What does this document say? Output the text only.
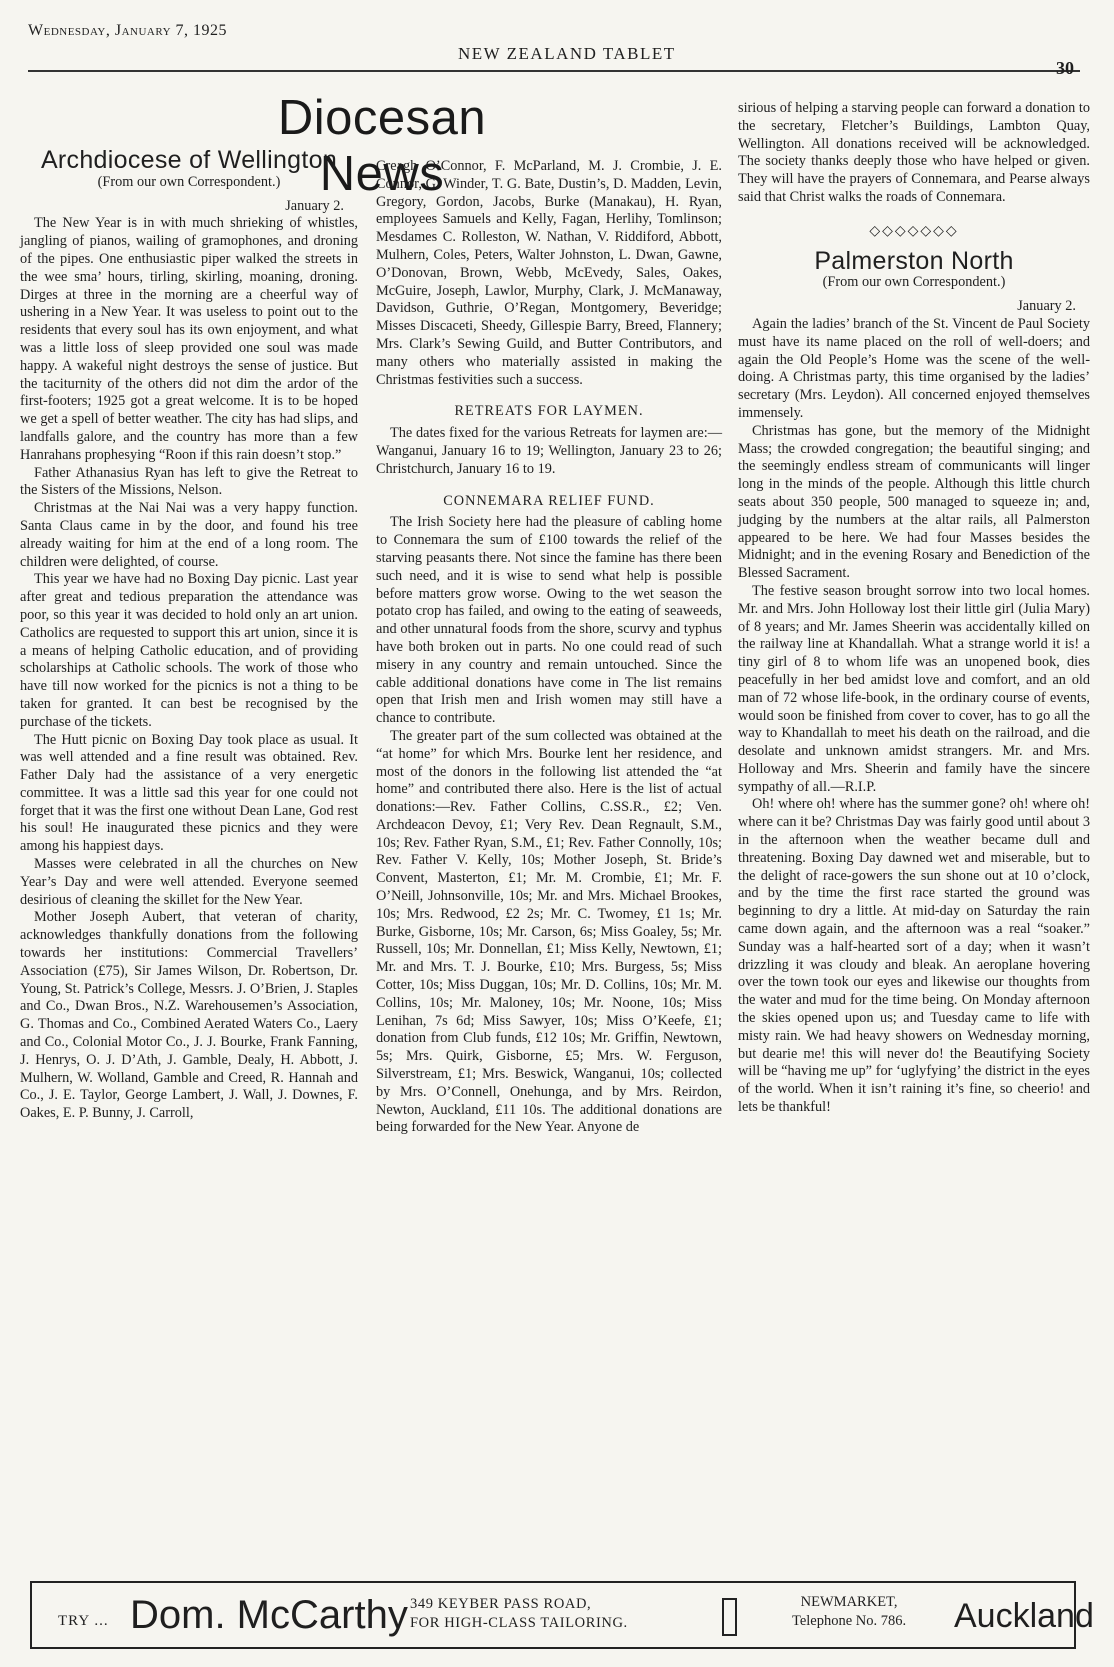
Wednesday, January 7, 1925
NEW ZEALAND TABLET
30
Diocesan News
Archdiocese of Wellington
(From our own Correspondent.)
January 2.

The New Year is in with much shrieking of whistles, jangling of pianos, wailing of gramophones, and droning of the pipes. One enthusiastic piper walked the streets in the wee sma’ hours, tirling, skirling, moaning, droning. Dirges at three in the morning are a cheerful way of ushering in a New Year. It was useless to point out to the residents that every soul has its own enjoyment, and what was a little loss of sleep provided one soul was made happy. A wakeful night destroys the sense of justice. But the taciturnity of the others did not dim the ardor of the first-footers; 1925 got a great welcome. It is to be hoped we get a spell of better weather. The city has had slips, and landfalls galore, and the country has more than a few Hanrahans prophesying “Roon if this rain doesn’t stop.”

Father Athanasius Ryan has left to give the Retreat to the Sisters of the Missions, Nelson.

Christmas at the Nai Nai was a very happy function. Santa Claus came in by the door, and found his tree already waiting for him at the end of a long room. The children were delighted, of course.

This year we have had no Boxing Day picnic. Last year after great and tedious preparation the attendance was poor, so this year it was decided to hold only an art union. Catholics are requested to support this art union, since it is a means of helping Catholic education, and of providing scholarships at Catholic schools. The work of those who have till now worked for the picnics is not a thing to be taken for granted. It can best be recognised by the purchase of the tickets.

The Hutt picnic on Boxing Day took place as usual. It was well attended and a fine result was obtained. Rev. Father Daly had the assistance of a very energetic committee. It was a little sad this year for one could not forget that it was the first one without Dean Lane, God rest his soul! He inaugurated these picnics and they were among his happiest days.

Masses were celebrated in all the churches on New Year’s Day and were well attended. Everyone seemed desirious of cleaning the skillet for the New Year.

Mother Joseph Aubert, that veteran of charity, acknowledges thankfully donations from the following towards her institutions: Commercial Travellers’ Association (£75), Sir James Wilson, Dr. Robertson, Dr. Young, St. Patrick’s College, Messrs. J. O’Brien, J. Staples and Co., Dwan Bros., N.Z. Warehousemen’s Association, G. Thomas and Co., Combined Aerated Waters Co., Laery and Co., Colonial Motor Co., J. J. Bourke, Frank Fanning, J. Henrys, O. J. D’Ath, J. Gamble, Dealy, H. Abbott, J. Mulhern, W. Wolland, Gamble and Creed, R. Hannah and Co., J. E. Taylor, George Lambert, J. Wall, J. Downes, F. Oakes, E. P. Bunny, J. Carroll,

Creagh O’Connor, F. McParland, M. J. Crombie, J. E. Connor, G. Winder, T. G. Bate, Dustin’s, D. Madden, Levin, Gregory, Gordon, Jacobs, Burke (Manakau), H. Ryan, employees Samuels and Kelly, Fagan, Herlihy, Tomlinson; Mesdames C. Rolleston, W. Nathan, V. Riddiford, Abbott, Mulhern, Coles, Peters, Walter Johnston, L. Dwan, Gawne, O’Donovan, Brown, Webb, McEvedy, Sales, Oakes, McGuire, Joseph, Lawlor, Murphy, Clark, J. McManaway, Davidson, Guthrie, O’Regan, Montgomery, Beveridge; Misses Discaceti, Sheedy, Gillespie Barry, Breed, Flannery; Mrs. Clark’s Sewing Guild, and Butter Contributors, and many others who materially assisted in making the Christmas festivities such a success.

RETREATS FOR LAYMEN.

The dates fixed for the various Retreats for laymen are:—Wanganui, January 16 to 19; Wellington, January 23 to 26; Christchurch, January 16 to 19.

CONNEMARA RELIEF FUND.

The Irish Society here had the pleasure of cabling home to Connemara the sum of £100 towards the relief of the starving peasants there. Not since the famine has there been such need, and it is wise to send what help is possible before matters grow worse. Owing to the wet season the potato crop has failed, and owing to the eating of seaweeds, and other unnatural foods from the shore, scurvy and typhus have both broken out in parts. No one could read of such misery in any country and remain untouched. Since the cable additional donations have come in The list remains open that Irish men and Irish women may still have a chance to contribute.

The greater part of the sum collected was obtained at the “at home” for which Mrs. Bourke lent her residence, and most of the donors in the following list attended the “at home” and contributed there also. Here is the list of actual donations:—Rev. Father Collins, C.SS.R., £2; Ven. Archdeacon Devoy, £1; Very Rev. Dean Regnault, S.M., 10s; Rev. Father Ryan, S.M., £1; Rev. Father Connolly, 10s; Rev. Father V. Kelly, 10s; Mother Joseph, St. Bride’s Convent, Masterton, £1; Mr. M. Crombie, £1; Mr. F. O’Neill, Johnsonville, 10s; Mr. and Mrs. Michael Brookes, 10s; Mrs. Redwood, £2 2s; Mr. C. Twomey, £1 1s; Mr. Burke, Gisborne, 10s; Mr. Carson, 6s; Miss Goaley, 5s; Mr. Russell, 10s; Mr. Donnellan, £1; Miss Kelly, Newtown, £1; Mr. and Mrs. T. J. Bourke, £10; Mrs. Burgess, 5s; Miss Cotter, 10s; Miss Duggan, 10s; Mr. D. Collins, 10s; Mr. M. Collins, 10s; Mr. Maloney, 10s; Mr. Noone, 10s; Miss Lenihan, 7s 6d; Miss Sawyer, 10s; Miss O’Keefe, £1; donation from Club funds, £12 10s; Mr. Griffin, Newtown, 5s; Mrs. Quirk, Gisborne, £5; Mrs. W. Ferguson, Silverstream, £1; Mrs. Beswick, Wanganui, 10s; collected by Mrs. O’Connell, Onehunga, and by Mrs. Reirdon, Newton, Auckland, £11 10s. The additional donations are being forwarded for the New Year. Anyone de

sirious of helping a starving people can forward a donation to the secretary, Fletcher’s Buildings, Lambton Quay, Wellington. All donations received will be acknowledged. The society thanks deeply those who have helped or given. They will have the prayers of Connemara, and Pearse always said that Christ walks the roads of Connemara.

◇◇◇◇◇◇◇
Palmerston North
(From our own Correspondent.)
January 2.

Again the ladies’ branch of the St. Vincent de Paul Society must have its name placed on the roll of well-doers; and again the Old People’s Home was the scene of the well-doing. A Christmas party, this time organised by the ladies’ secretary (Mrs. Leydon). All concerned enjoyed themselves immensely.

Christmas has gone, but the memory of the Midnight Mass; the crowded congregation; the beautiful singing; and the seemingly endless stream of communicants will linger long in the minds of the people. Although this little church seats about 350 people, 500 managed to squeeze in; and, judging by the numbers at the altar rails, all Palmerston appeared to be here. We had four Masses besides the Midnight; and in the evening Rosary and Benediction of the Blessed Sacrament.

The festive season brought sorrow into two local homes. Mr. and Mrs. John Holloway lost their little girl (Julia Mary) of 8 years; and Mr. James Sheerin was accidentally killed on the railway line at Khandallah. What a strange world it is! a tiny girl of 8 to whom life was an unopened book, dies peacefully in her bed amidst love and comfort, and an old man of 72 whose life-book, in the ordinary course of events, would soon be finished from cover to cover, has to go all the way to Khandallah to meet his death on the railroad, and die desolate and unknown amidst strangers. Mr. and Mrs. Holloway and Mrs. Sheerin and family have the sincere sympathy of all.—R.I.P.

Oh! where oh! where has the summer gone? oh! where oh! where can it be? Christmas Day was fairly good until about 3 in the afternoon when the weather became dull and threatening. Boxing Day dawned wet and miserable, but to the delight of race-gowers the sun shone out at 10 o’clock, and by the time the first race started the ground was beginning to dry a little. At mid-day on Saturday the rain came down again, and the afternoon was a real “soaker.” Sunday was a half-hearted sort of a day; when it wasn’t drizzling it was cloudy and bleak. An aeroplane hovering over the town took our eyes and likewise our thoughts from the water and mud for the time being. On Monday afternoon the skies opened upon us; and Tuesday came to life with misty rain. We had heavy showers on Wednesday morning, but dearie me! this will never do! the Beautifying Society will be “having me up” for ‘uglyfying’ the district in the eyes of the world. When it isn’t raining it’s fine, so cheerio! and lets be thankful!

TRY ... Dom. McCarthy 349 KEYBER PASS ROAD,
FOR HIGH-CLASS TAILORING.
NEWMARKET,
Telephone No. 786. Auckland
